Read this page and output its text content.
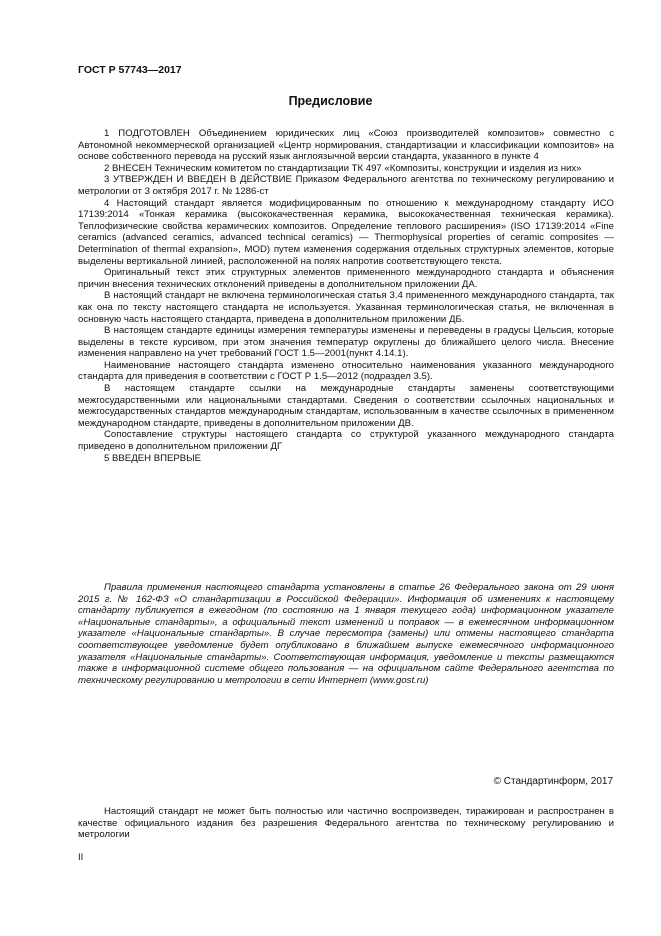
ГОСТ Р 57743—2017
Предисловие

1 ПОДГОТОВЛЕН Объединением юридических лиц «Союз производителей композитов» совместно с Автономной некоммерческой организацией «Центр нормирования, стандартизации и классификации композитов» на основе собственного перевода на русский язык англоязычной версии стандарта, указанного в пункте 4

2 ВНЕСЕН Техническим комитетом по стандартизации ТК 497 «Композиты, конструкции и изделия из них»

3 УТВЕРЖДЕН И ВВЕДЕН В ДЕЙСТВИЕ Приказом Федерального агентства по техническому регулированию и метрологии от 3 октября 2017 г. № 1286-ст

4 Настоящий стандарт является модифицированным по отношению к международному стандарту ИСО 17139:2014 «Тонкая керамика (высококачественная керамика, высококачественная техническая керамика). Теплофизические свойства керамических композитов. Определение теплового расширения» (ISO 17139:2014 «Fine ceramics (advanced ceramics, advanced technical ceramics) — Thermophysical properties of ceramic composites — Determination of thermal expansion», MOD) путем изменения содержания отдельных структурных элементов, которые выделены вертикальной линией, расположенной на полях напротив соответствующего текста.

Оригинальный текст этих структурных элементов примененного международного стандарта и объяснения причин внесения технических отклонений приведены в дополнительном приложении ДА.

В настоящий стандарт не включена терминологическая статья 3.4 примененного международного стандарта, так как она по тексту настоящего стандарта не используется. Указанная терминологическая статья, не включенная в основную часть настоящего стандарта, приведена в дополнительном приложении ДБ.

В настоящем стандарте единицы измерения температуры изменены и переведены в градусы Цельсия, которые выделены в тексте курсивом, при этом значения температур округлены до ближайшего целого числа. Внесение изменения направлено на учет требований ГОСТ 1.5—2001(пункт 4.14.1).

Наименование настоящего стандарта изменено относительно наименования указанного международного стандарта для приведения в соответствии с ГОСТ Р 1.5—2012 (подраздел 3.5).

В настоящем стандарте ссылки на международные стандарты заменены соответствующими межгосударственными или национальными стандартами. Сведения о соответствии ссылочных национальных и межгосударственных стандартов международным стандартам, использованным в качестве ссылочных в примененном международном стандарте, приведены в дополнительном приложении ДВ.

Сопоставление структуры настоящего стандарта со структурой указанного международного стандарта приведено в дополнительном приложении ДГ

5 ВВЕДЕН ВПЕРВЫЕ

Правила применения настоящего стандарта установлены в статье 26 Федерального закона от 29 июня 2015 г. № 162-ФЗ «О стандартизации в Российской Федерации». Информация об изменениях к настоящему стандарту публикуется в ежегодном (по состоянию на 1 января текущего года) информационном указателе «Национальные стандарты», а официальный текст изменений и поправок — в ежемесячном информационном указателе «Национальные стандарты». В случае пересмотра (замены) или отмены настоящего стандарта соответствующее уведомление будет опубликовано в ближайшем выпуске ежемесячного информационного указателя «Национальные стандарты». Соответствующая информация, уведомление и тексты размещаются также в информационной системе общего пользования — на официальном сайте Федерального агентства по техническому регулированию и метрологии в сети Интернет (www.gost.ru)

© Стандартинформ, 2017

Настоящий стандарт не может быть полностью или частично воспроизведен, тиражирован и распространен в качестве официального издания без разрешения Федерального агентства по техническому регулированию и метрологии

II
